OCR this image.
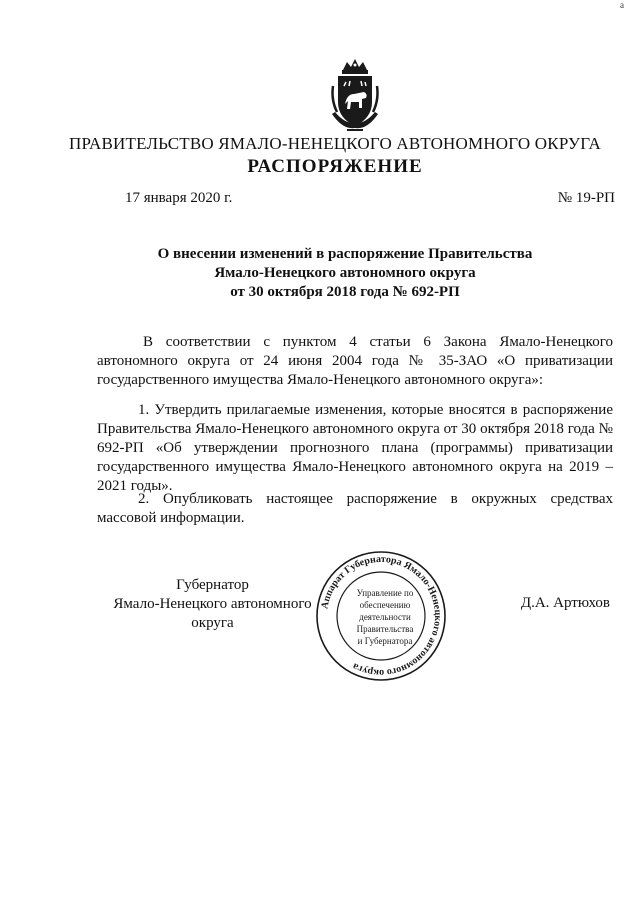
a
ПРАВИТЕЛЬСТВО ЯМАЛО-НЕНЕЦКОГО АВТОНОМНОГО ОКРУГА
РАСПОРЯЖЕНИЕ
17 января 2020 г.	№ 19-РП
О внесении изменений в распоряжение Правительства
Ямало-Ненецкого автономного округа
от 30 октября 2018 года № 692-РП
В соответствии с пунктом 4 статьи 6 Закона Ямало-Ненецкого автономного округа от 24 июня 2004 года № 35-ЗАО «О приватизации государственного имущества Ямало-Ненецкого автономного округа»:
1. Утвердить прилагаемые изменения, которые вносятся в распоряжение Правительства Ямало-Ненецкого автономного округа от 30 октября 2018 года № 692-РП «Об утверждении прогнозного плана (программы) приватизации государственного имущества Ямало-Ненецкого автономного округа на 2019 – 2021 годы».
2. Опубликовать настоящее распоряжение в окружных средствах массовой информации.
Губернатор
Ямало-Ненецкого автономного округа
Д.А. Артюхов
Аппарат Губернатора Ямало-Ненецкого автономного округа
Управление по
обеспечению
деятельности
Правительства
и Губернатора
